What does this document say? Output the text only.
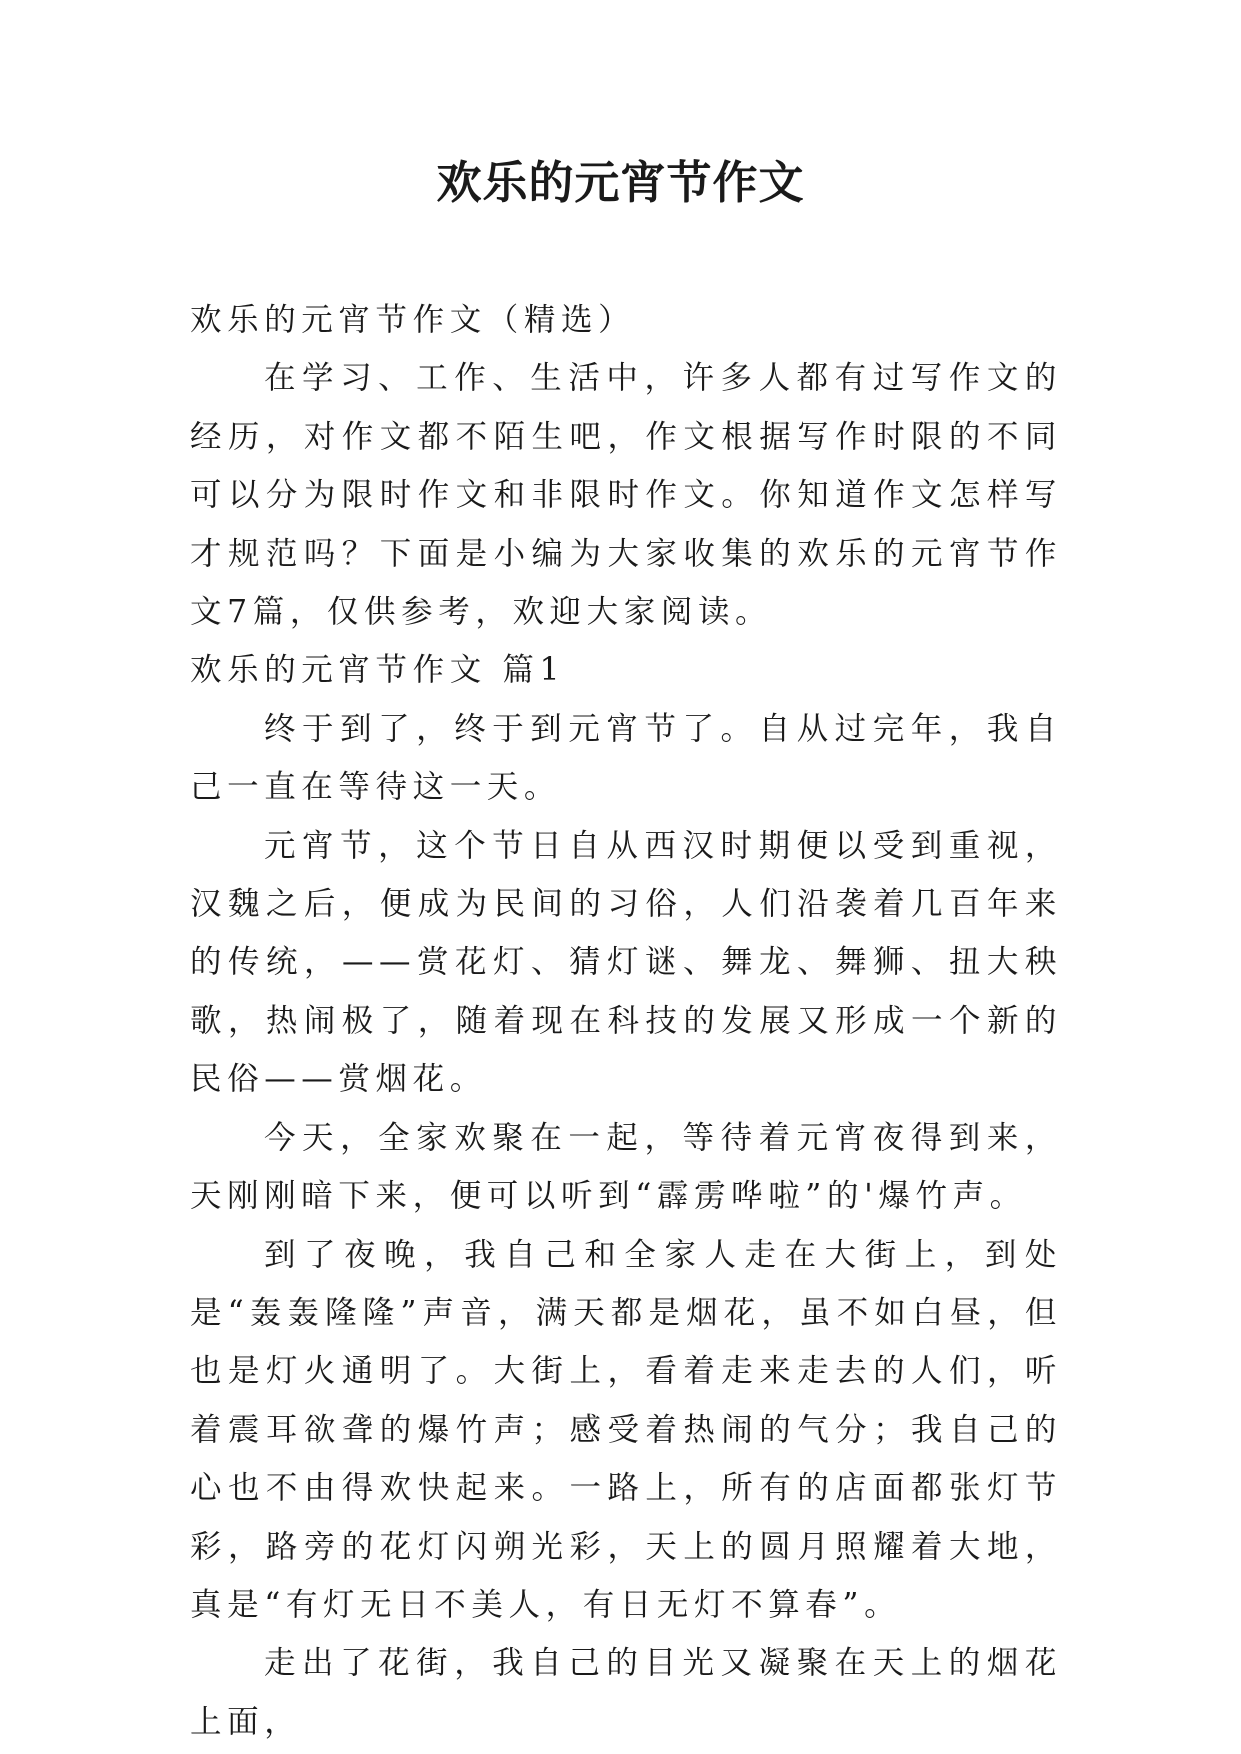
欢乐的元宵节作文

欢乐的元宵节作文（精选）

在学习、工作、生活中，许多人都有过写作文的经历，对作文都不陌生吧，作文根据写作时限的不同可以分为限时作文和非限时作文。你知道作文怎样写才规范吗？下面是小编为大家收集的欢乐的元宵节作文7篇，仅供参考，欢迎大家阅读。

欢乐的元宵节作文 篇1

终于到了，终于到元宵节了。自从过完年，我自己一直在等待这一天。

元宵节，这个节日自从西汉时期便以受到重视，汉魏之后，便成为民间的习俗，人们沿袭着几百年来的传统，——赏花灯、猜灯谜、舞龙、舞狮、扭大秧歌，热闹极了，随着现在科技的发展又形成一个新的民俗——赏烟花。

今天，全家欢聚在一起，等待着元宵夜得到来，天刚刚暗下来，便可以听到“霹雳哗啦”的'爆竹声。

到了夜晚，我自己和全家人走在大街上，到处是“轰轰隆隆”声音，满天都是烟花，虽不如白昼，但也是灯火通明了。大街上，看着走来走去的人们，听着震耳欲聋的爆竹声；感受着热闹的气分；我自己的心也不由得欢快起来。一路上，所有的店面都张灯节彩，路旁的花灯闪朔光彩，天上的圆月照耀着大地，真是“有灯无日不美人，有日无灯不算春”。

走出了花街，我自己的目光又凝聚在天上的烟花上面，
